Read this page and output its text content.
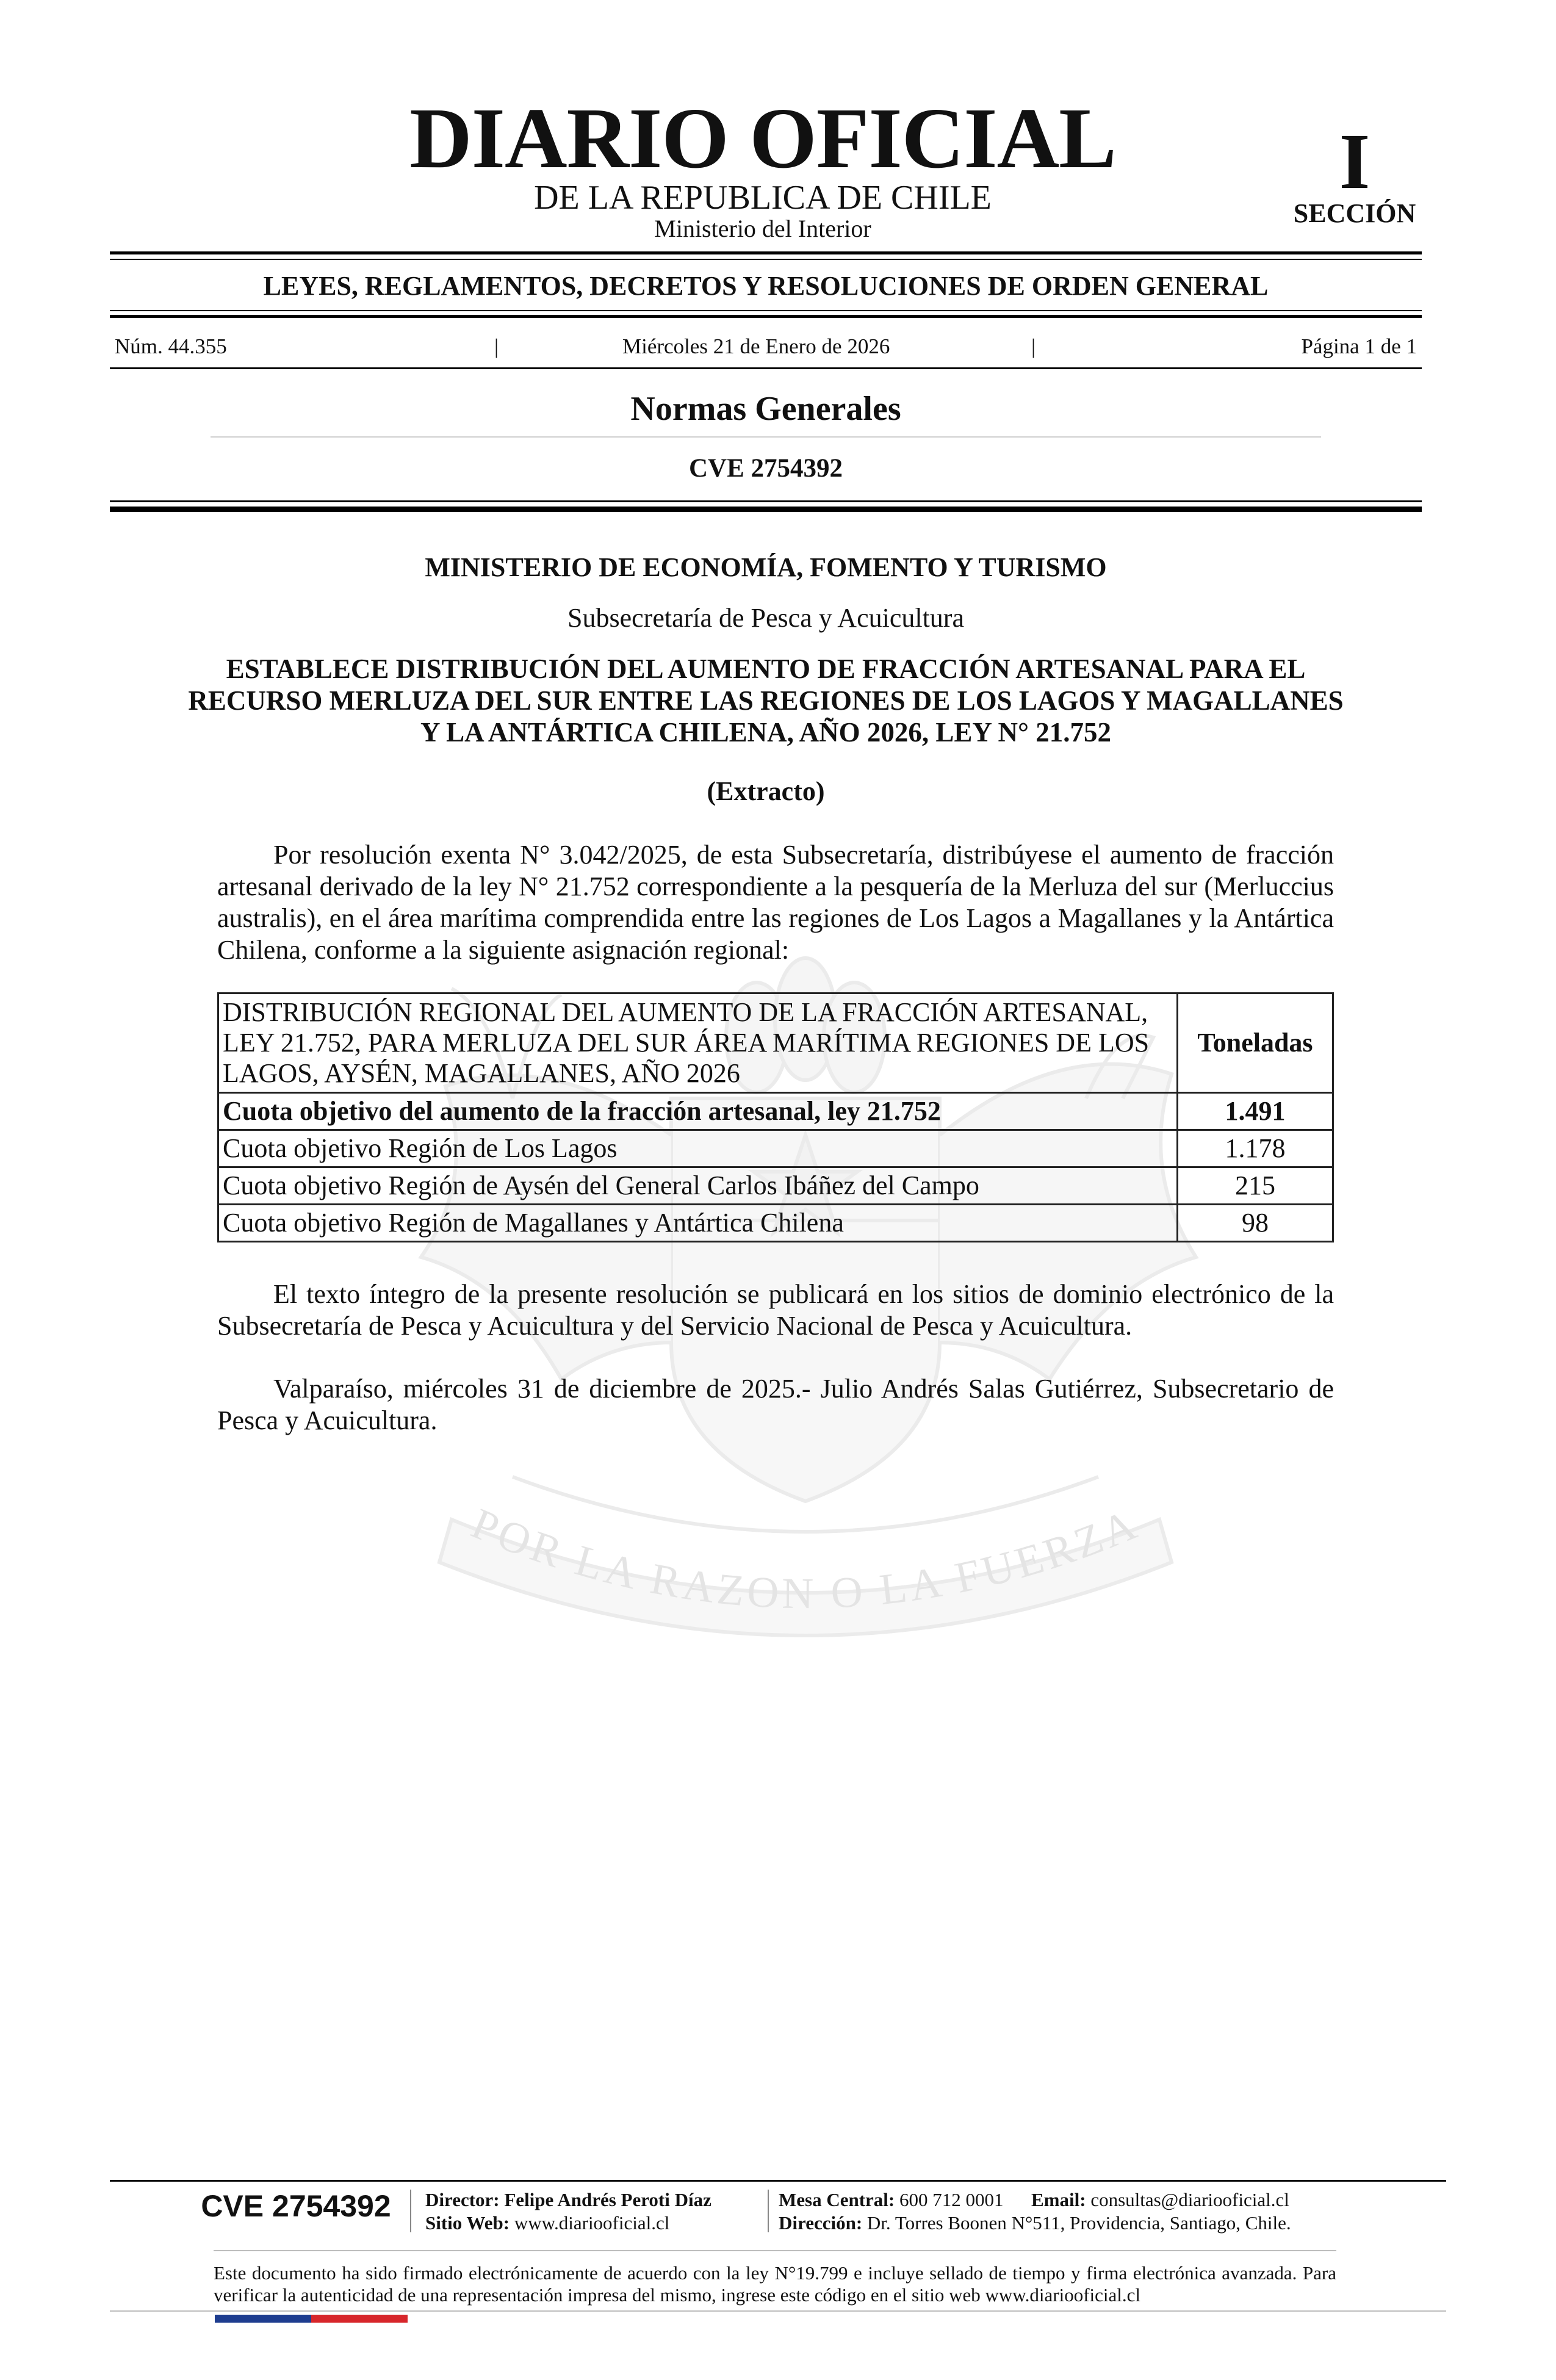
POR LA RAZON O LA FUERZA
DIARIO OFICIAL
DE LA REPUBLICA DE CHILE
Ministerio del Interior
I
SECCIÓN
LEYES, REGLAMENTOS, DECRETOS Y RESOLUCIONES DE ORDEN GENERAL
Núm. 44.355	|	Miércoles 21 de Enero de 2026	|	Página 1 de 1
Normas Generales
CVE 2754392
MINISTERIO DE ECONOMÍA, FOMENTO Y TURISMO
Subsecretaría de Pesca y Acuicultura
ESTABLECE DISTRIBUCIÓN DEL AUMENTO DE FRACCIÓN ARTESANAL PARA EL RECURSO MERLUZA DEL SUR ENTRE LAS REGIONES DE LOS LAGOS Y MAGALLANES Y LA ANTÁRTICA CHILENA, AÑO 2026, LEY N° 21.752
(Extracto)
Por resolución exenta N° 3.042/2025, de esta Subsecretaría, distribúyese el aumento de fracción artesanal derivado de la ley N° 21.752 correspondiente a la pesquería de la Merluza del sur (Merluccius australis), en el área marítima comprendida entre las regiones de Los Lagos a Magallanes y la Antártica Chilena, conforme a la siguiente asignación regional:
DISTRIBUCIÓN REGIONAL DEL AUMENTO DE LA FRACCIÓN ARTESANAL, LEY 21.752, PARA MERLUZA DEL SUR ÁREA MARÍTIMA REGIONES DE LOS LAGOS, AYSÉN, MAGALLANES, AÑO 2026	Toneladas
Cuota objetivo del aumento de la fracción artesanal, ley 21.752	1.491
Cuota objetivo Región de Los Lagos	1.178
Cuota objetivo Región de Aysén del General Carlos Ibáñez del Campo	215
Cuota objetivo Región de Magallanes y Antártica Chilena	98
El texto íntegro de la presente resolución se publicará en los sitios de dominio electrónico de la Subsecretaría de Pesca y Acuicultura y del Servicio Nacional de Pesca y Acuicultura.
Valparaíso, miércoles 31 de diciembre de 2025.- Julio Andrés Salas Gutiérrez, Subsecretario de Pesca y Acuicultura.
CVE 2754392	Director: Felipe Andrés Peroti Díaz
Sitio Web: www.diariooficial.cl
Mesa Central: 600 712 0001 Email: consultas@diariooficial.cl
Dirección: Dr. Torres Boonen N°511, Providencia, Santiago, Chile.
Este documento ha sido firmado electrónicamente de acuerdo con la ley N°19.799 e incluye sellado de tiempo y firma electrónica avanzada. Para verificar la autenticidad de una representación impresa del mismo, ingrese este código en el sitio web www.diariooficial.cl
